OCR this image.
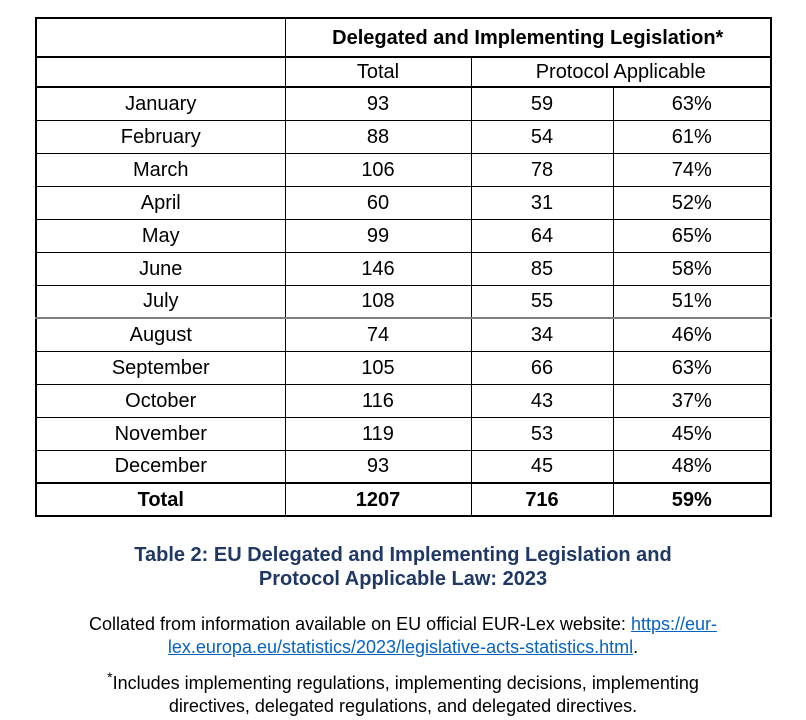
	Delegated and Implementing Legislation*		
	Total	Protocol Applicable	
January	93	59	63%
February	88	54	61%
March	106	78	74%
April	60	31	52%
May	99	64	65%
June	146	85	58%
July	108	55	51%
August	74	34	46%
September	105	66	63%
October	116	43	37%
November	119	53	45%
December	93	45	48%
Total	1207	716	59%
Table 2: EU Delegated and Implementing Legislation and
Protocol Applicable Law: 2023
Collated from information available on EU official EUR-Lex website: https://eur-lex.europa.eu/statistics/2023/legislative-acts-statistics.html.
*Includes implementing regulations, implementing decisions, implementing directives, delegated regulations, and delegated directives.
